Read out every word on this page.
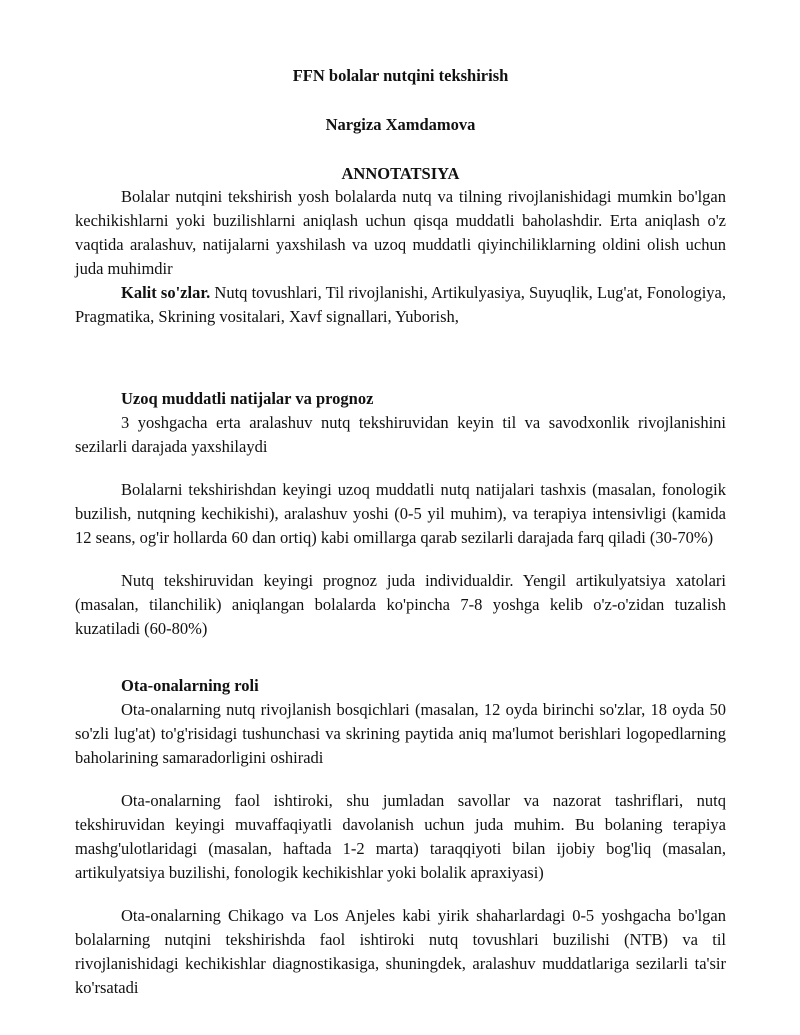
FFN bolalar nutqini tekshirish
Nargiza Xamdamova
ANNOTATSIYA

Bolalar nutqini tekshirish yosh bolalarda nutq va tilning rivojlanishidagi mumkin bo'lgan kechikishlarni yoki buzilishlarni aniqlash uchun qisqa muddatli baholashdir. Erta aniqlash o'z vaqtida aralashuv, natijalarni yaxshilash va uzoq muddatli qiyinchiliklarning oldini olish uchun juda muhimdir

Kalit so'zlar. Nutq tovushlari, Til rivojlanishi, Artikulyasiya, Suyuqlik, Lug'at, Fonologiya, Pragmatika, Skrining vositalari, Xavf signallari, Yuborish,

Uzoq muddatli natijalar va prognoz

3 yoshgacha erta aralashuv nutq tekshiruvidan keyin til va savodxonlik rivojlanishini sezilarli darajada yaxshilaydi

Bolalarni tekshirishdan keyingi uzoq muddatli nutq natijalari tashxis (masalan, fonologik buzilish, nutqning kechikishi), aralashuv yoshi (0-5 yil muhim), va terapiya intensivligi (kamida 12 seans, og'ir hollarda 60 dan ortiq) kabi omillarga qarab sezilarli darajada farq qiladi (30-70%)

Nutq tekshiruvidan keyingi prognoz juda individualdir. Yengil artikulyatsiya xatolari (masalan, tilanchilik) aniqlangan bolalarda ko'pincha 7-8 yoshga kelib o'z-o'zidan tuzalish kuzatiladi (60-80%)

Ota-onalarning roli

Ota-onalarning nutq rivojlanish bosqichlari (masalan, 12 oyda birinchi so'zlar, 18 oyda 50 so'zli lug'at) to'g'risidagi tushunchasi va skrining paytida aniq ma'lumot berishlari logopedlarning baholarining samaradorligini oshiradi

Ota-onalarning faol ishtiroki, shu jumladan savollar va nazorat tashriflari, nutq tekshiruvidan keyingi muvaffaqiyatli davolanish uchun juda muhim. Bu bolaning terapiya mashg'ulotlaridagi (masalan, haftada 1-2 marta) taraqqiyoti bilan ijobiy bog'liq (masalan, artikulyatsiya buzilishi, fonologik kechikishlar yoki bolalik apraxiyasi)

Ota-onalarning Chikago va Los Anjeles kabi yirik shaharlardagi 0-5 yoshgacha bo'lgan bolalarning nutqini tekshirishda faol ishtiroki nutq tovushlari buzilishi (NTB) va til rivojlanishidagi kechikishlar diagnostikasiga, shuningdek, aralashuv muddatlariga sezilarli ta'sir ko'rsatadi
